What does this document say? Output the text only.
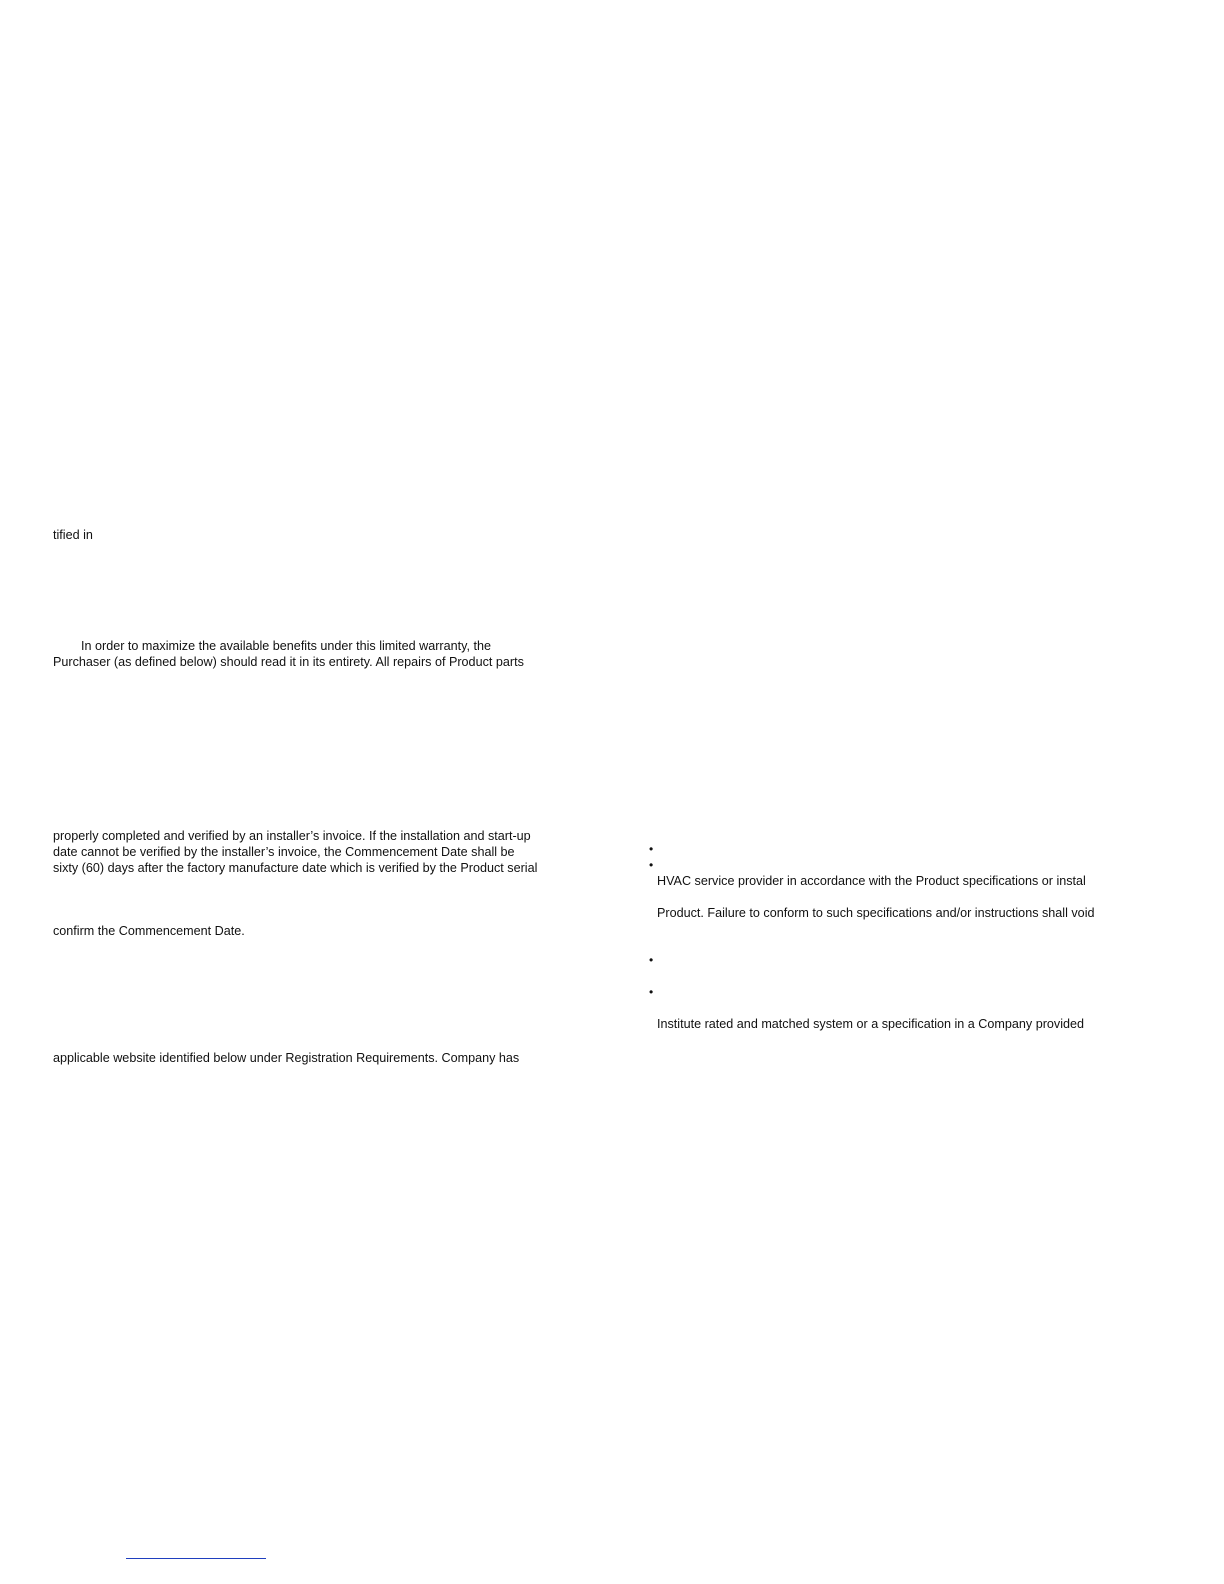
tified in
In order to maximize the available benefits under this limited warranty, the
Purchaser (as defined below) should read it in its entirety. All repairs of Product parts
properly completed and verified by an installer’s invoice. If the installation and start-up
date cannot be verified by the installer’s invoice, the Commencement Date shall be
sixty (60) days after the factory manufacture date which is verified by the Product serial
confirm the Commencement Date.
applicable website identified below under Registration Requirements. Company has
•
•
HVAC service provider in accordance with the Product specifications or instal
Product. Failure to conform to such specifications and/or instructions shall void
•
•
Institute rated and matched system or a specification in a Company provided
